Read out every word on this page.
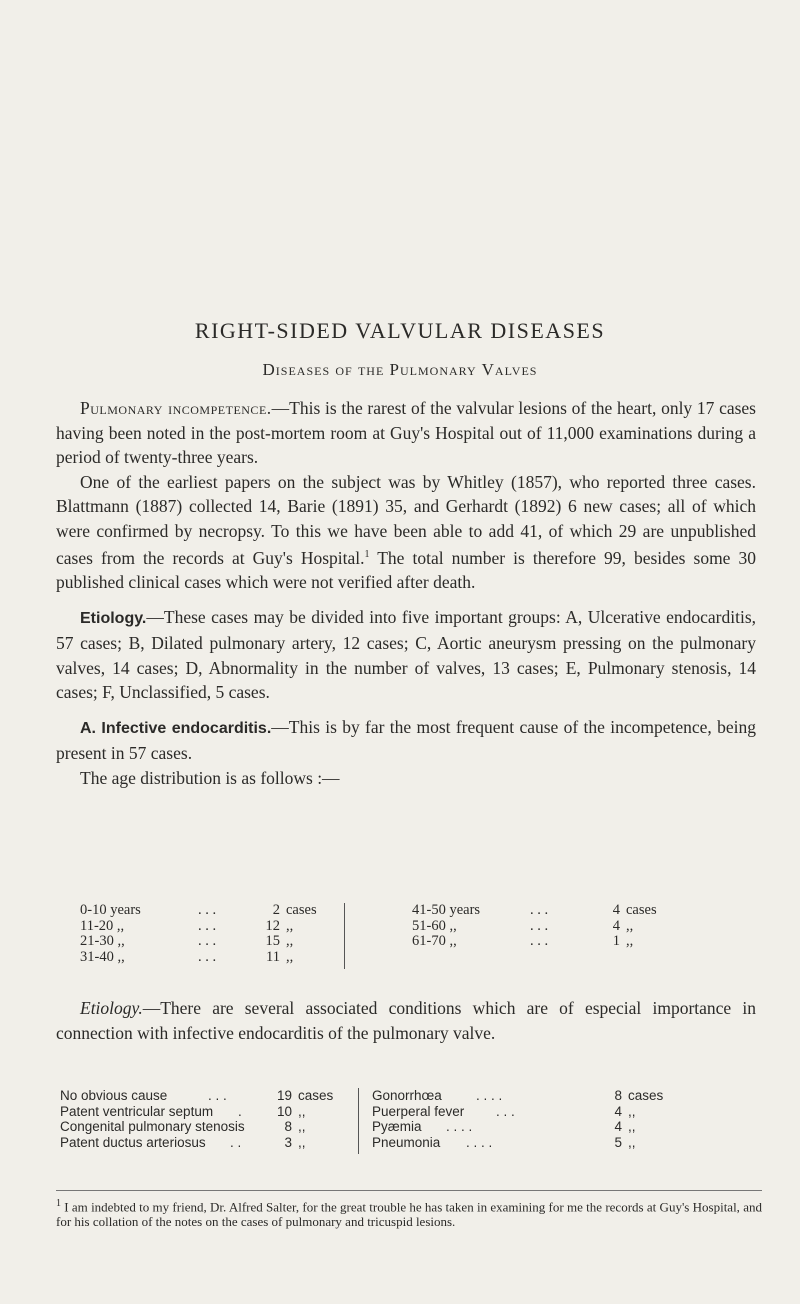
RIGHT-SIDED VALVULAR DISEASES
Diseases of the Pulmonary Valves

Pulmonary incompetence.—This is the rarest of the valvular lesions of the heart, only 17 cases having been noted in the post-mortem room at Guy's Hospital out of 11,000 examinations during a period of twenty-three years.

One of the earliest papers on the subject was by Whitley (1857), who reported three cases. Blattmann (1887) collected 14, Barie (1891) 35, and Gerhardt (1892) 6 new cases; all of which were confirmed by necropsy. To this we have been able to add 41, of which 29 are unpublished cases from the records at Guy's Hospital.$^1$ The total number is therefore 99, besides some 30 published clinical cases which were not verified after death.

Etiology.—These cases may be divided into five important groups: A, Ulcerative endocarditis, 57 cases; B, Dilated pulmonary artery, 12 cases; C, Aortic aneurysm pressing on the pulmonary valves, 14 cases; D, Abnormality in the number of valves, 13 cases; E, Pulmonary stenosis, 14 cases; F, Unclassified, 5 cases.

A. Infective endocarditis.—This is by far the most frequent cause of the incompetence, being present in 57 cases.

The age distribution is as follows :—

0-10 years	. . .	2 cases
11-20 ,,	. . .	12 ,,
21-30 ,,	. . .	15 ,,
31-40 ,,	. . .	11 ,,
41-50 years	. . .	4 cases
51-60 ,,	. . .	4 ,,
61-70 ,,	. . .	1 ,,

Etiology.—There are several associated conditions which are of especial importance in connection with infective endocarditis of the pulmonary valve.

No obvious cause	. . .	19 cases
Patent ventricular septum	.	10 ,,
Congenital pulmonary stenosis	8 ,,
Patent ductus arteriosus	. .	3 ,,
Gonorrhœa	. . . .	8 cases
Puerperal fever	. . .	4 ,,
Pyæmia	. . . .	4 ,,
Pneumonia	. . . .	5 ,,

$^1$ I am indebted to my friend, Dr. Alfred Salter, for the great trouble he has taken in examining for me the records at Guy's Hospital, and for his collation of the notes on the cases of pulmonary and tricuspid lesions.
